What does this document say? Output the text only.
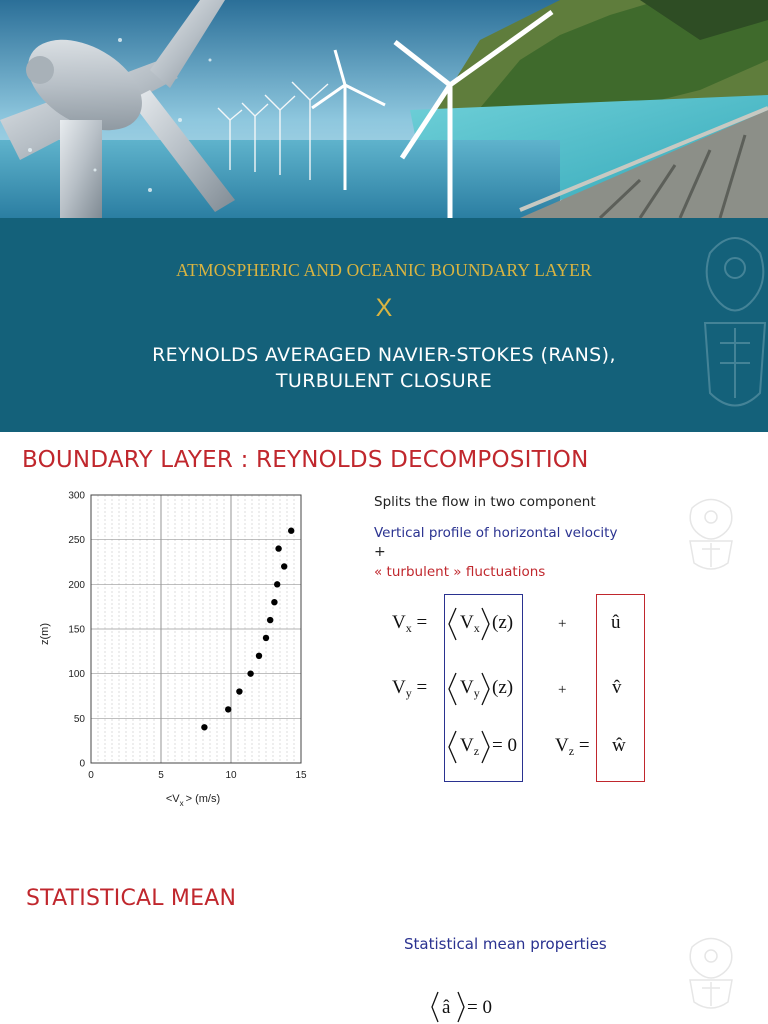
ATMOSPHERIC AND OCEANIC BOUNDARY LAYER
X
REYNOLDS AVERAGED NAVIER-STOKES (RANS),
TURBULENT CLOSURE
BOUNDARY LAYER : REYNOLDS DECOMPOSITION
0
50
100
150
200
250
300
0	5	10	15
z(m)
$<V_x > (m/s)$
Splits the flow in two component
Vertical profile of horizontal velocity
+
« turbulent » fluctuations
$V_x = V_x$ (z)	+ û
$V_y = V_y$ (z)	+ v̂
$V_z = 0$ $V_z$ = ŵ
STATISTICAL MEAN
Statistical mean properties
â = 0
